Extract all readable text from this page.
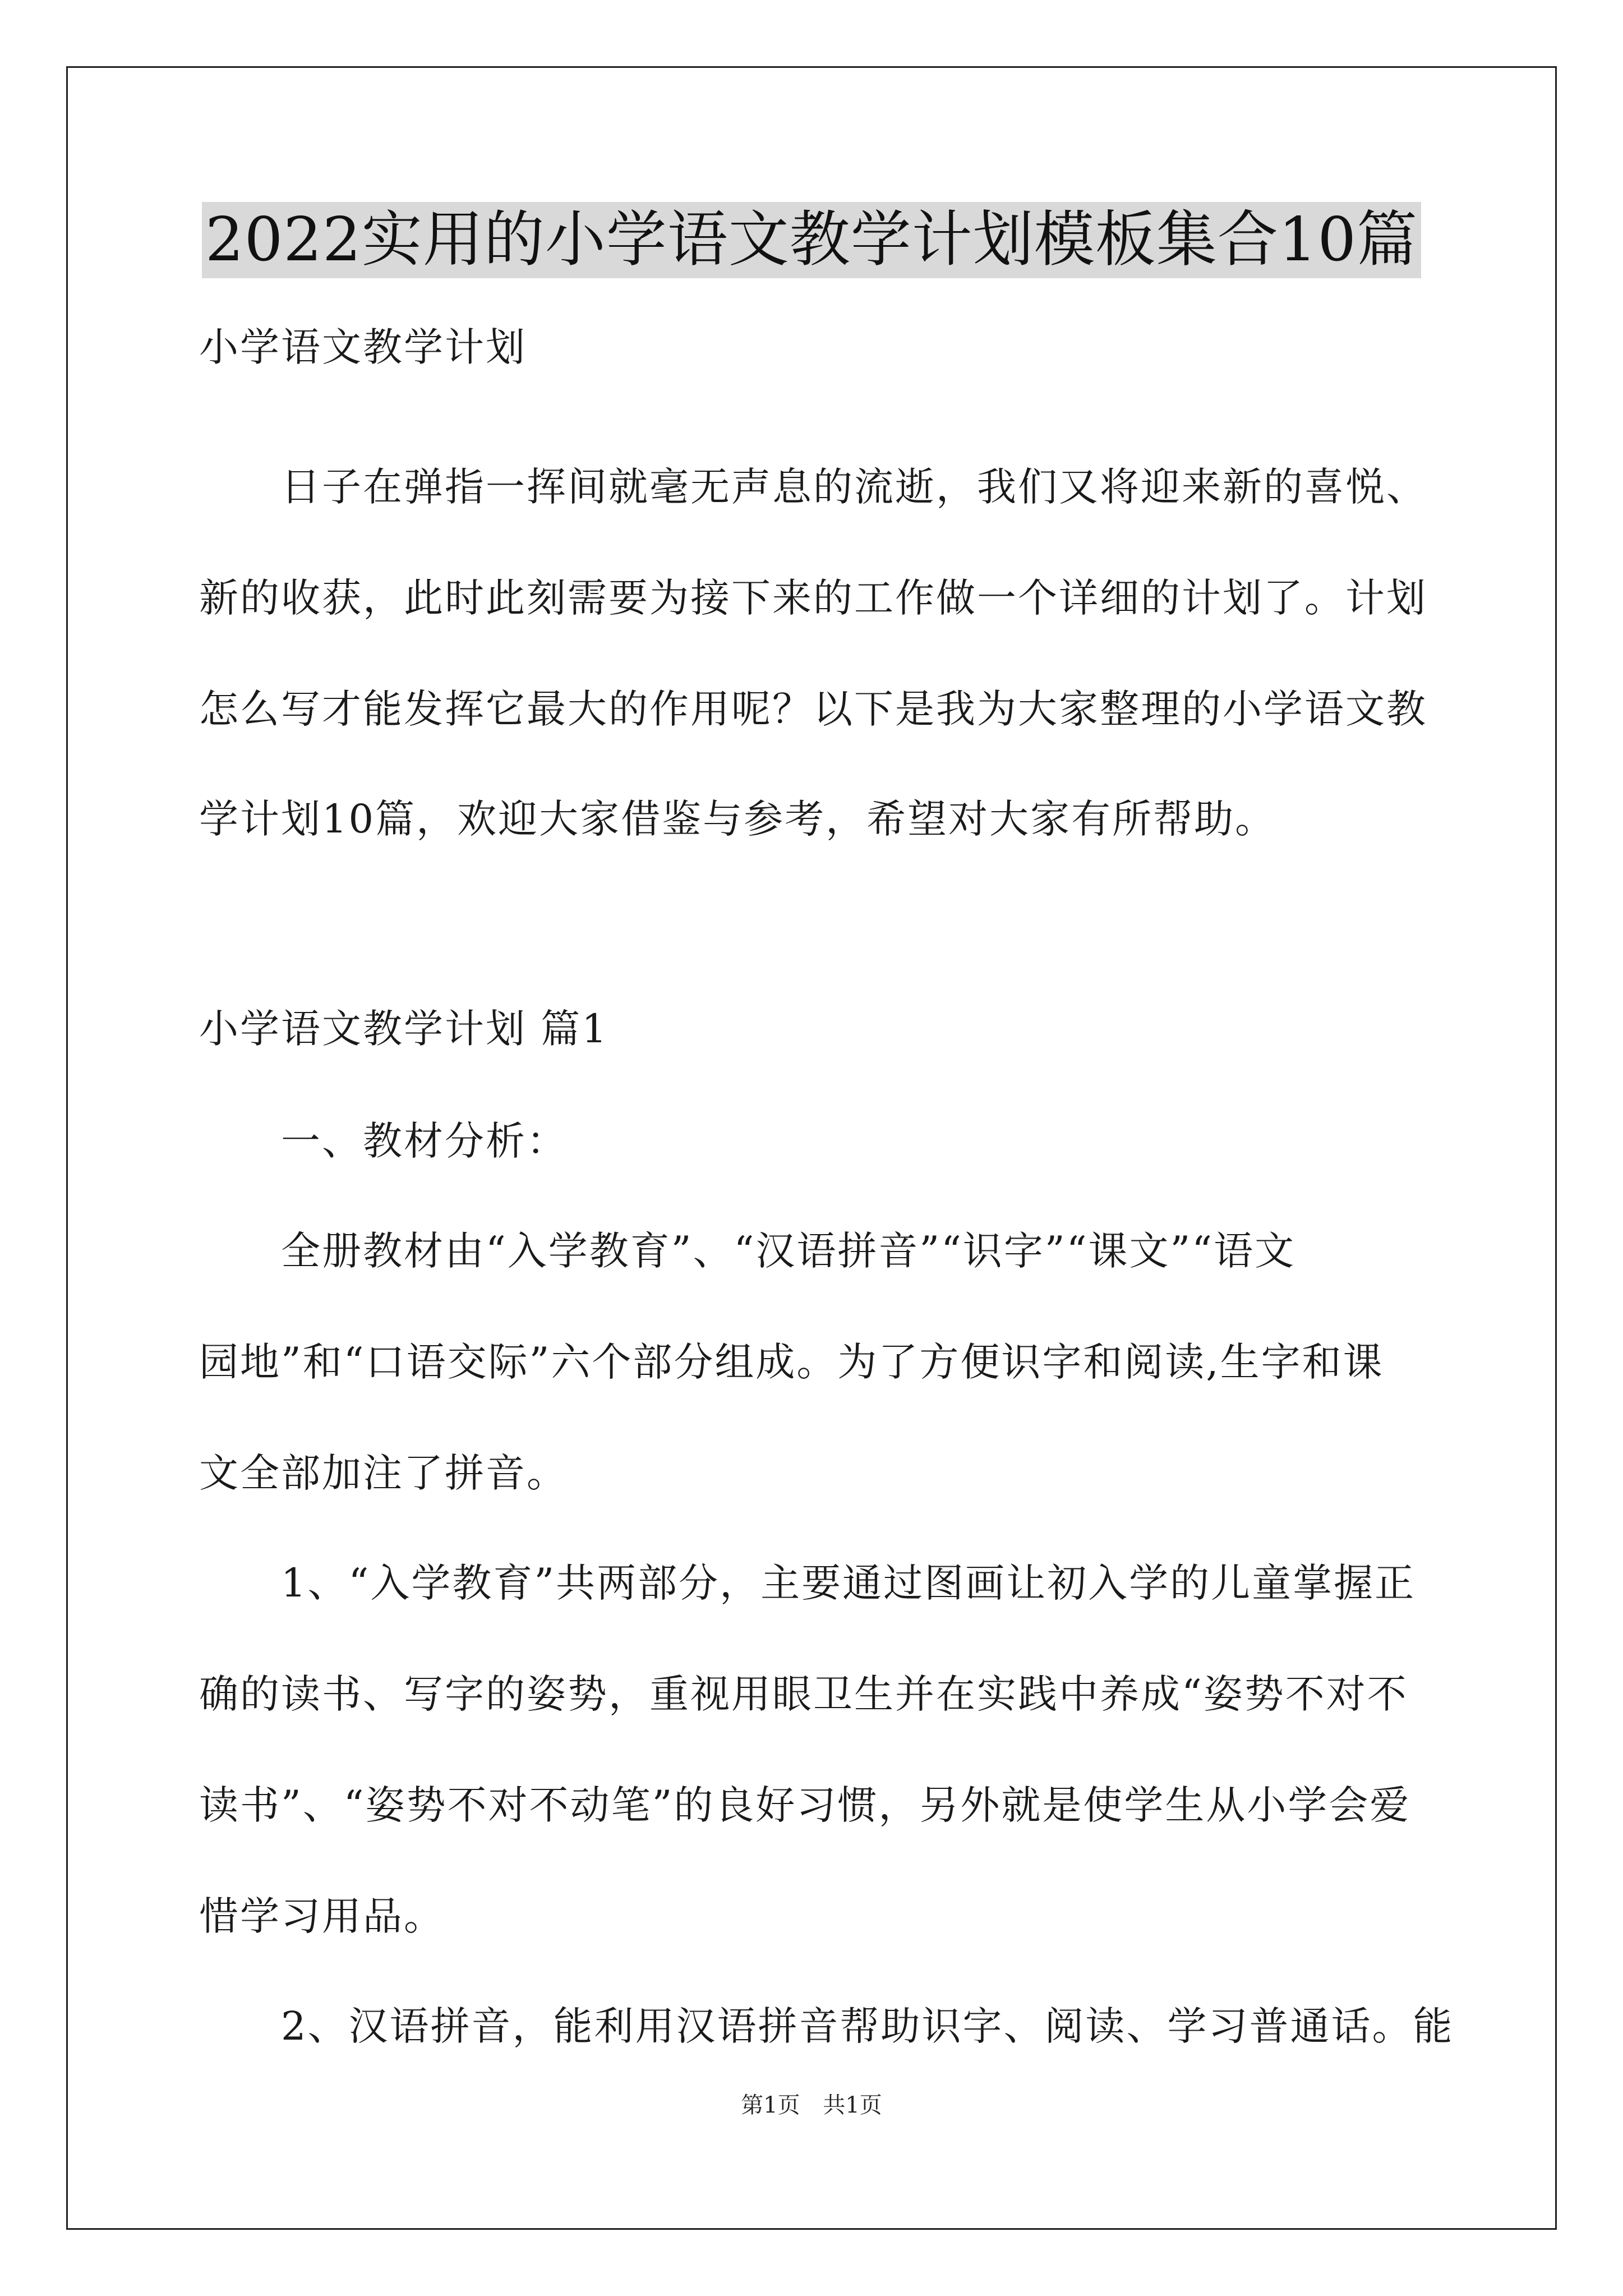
2022实用的小学语文教学计划模板集合10篇
小学语文教学计划
　　日子在弹指一挥间就毫无声息的流逝，我们又将迎来新的喜悦、
新的收获，此时此刻需要为接下来的工作做一个详细的计划了。计划
怎么写才能发挥它最大的作用呢？以下是我为大家整理的小学语文教
学计划10篇，欢迎大家借鉴与参考，希望对大家有所帮助。
小学语文教学计划 篇1
　　一、教材分析：
　　全册教材由“入学教育”、“汉语拼音”“识字”“课文”“语文
园地”和“口语交际”六个部分组成。为了方便识字和阅读,生字和课
文全部加注了拼音。
　　1、“入学教育”共两部分，主要通过图画让初入学的儿童掌握正
确的读书、写字的姿势，重视用眼卫生并在实践中养成“姿势不对不
读书”、“姿势不对不动笔”的良好习惯，另外就是使学生从小学会爱
惜学习用品。
　　2、汉语拼音，能利用汉语拼音帮助识字、阅读、学习普通话。能
第1页 共1页
